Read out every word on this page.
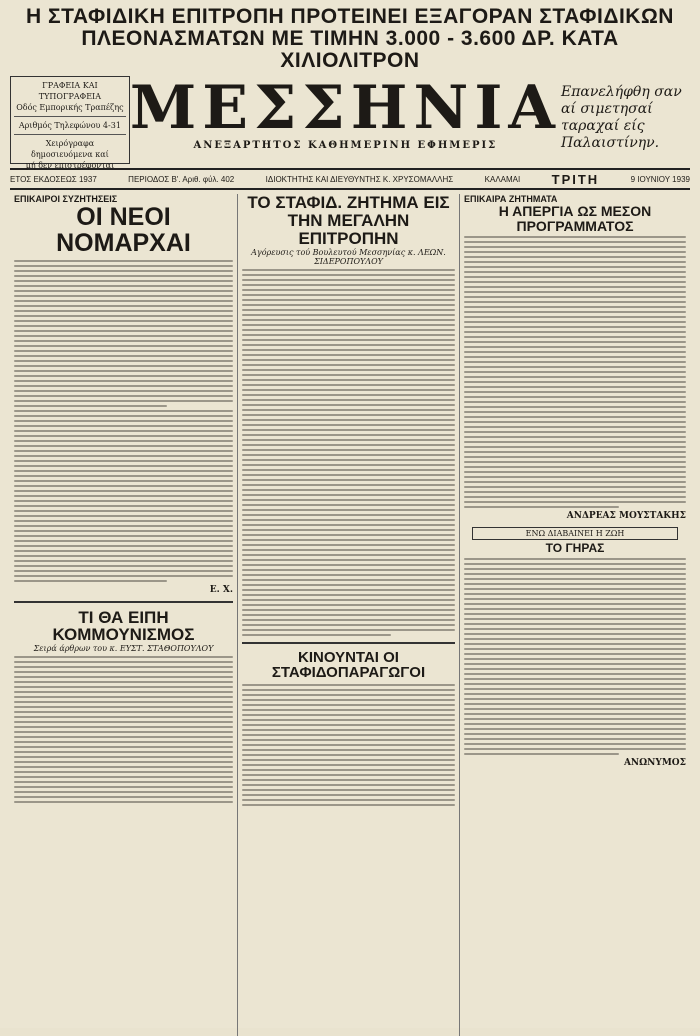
Η ΣΤΑΦΙΔΙΚΗ ΕΠΙΤΡΟΠΗ ΠΡΟΤΕΙΝΕΙ ΕΞΑΓΟΡΑΝ ΣΤΑΦΙΔΙΚΩΝ
ΠΛΕΟΝΑΣΜΑΤΩΝ ΜΕ ΤΙΜΗΝ 3.000 - 3.600 ΔΡ. ΚΑΤΑ ΧΙΛΙΟΛΙΤΡΟΝ
ΓΡΑΦΕΙΑ ΚΑΙ ΤΥΠΟΓΡΑΦΕΙΑ
Οδός Εμπορικής Τραπέζης
Αριθμός Τηλεφώνου 4-31
Χειρόγραφα δημοσιευόμενα καί
μή δεν επιστρέφονται
ΜΕΣΣΗΝΙΑ
ΑΝΕΞΑΡΤΗΤΟΣ ΚΑΘΗΜΕΡΙΝΗ ΕΦΗΜΕΡΙΣ
Επανελήφθη σαν αί σιμετησαί ταραχαί είς Παλαιστίνην.
ΕΤΟΣ ΕΚΔΟΣΕΩΣ 1937	ΠΕΡΙΟΔΟΣ Β'. Αριθ. φύλ. 402	ΙΔΙΟΚΤΗΤΗΣ ΚΑΙ ΔΙΕΥΘΥΝΤΗΣ Κ. ΧΡΥΣΟΜΑΛΛΗΣ	ΚΑΛΑΜΑΙ ΤΡΙΤΗ	9 ΙΟΥΝΙΟΥ 1939
ΕΠΙΚΑΙΡΟΙ ΣΥΖΗΤΗΣΕΙΣ
ΟΙ ΝΕΟΙ ΝΟΜΑΡΧΑΙ
Ε. Χ.
ΤΙ ΘΑ ΕΙΠΗ ΚΟΜΜΟΥΝΙΣΜΟΣ
Σειρά άρθρων του κ. ΕΥΣΤ. ΣΤΑΘΟΠΟΥΛΟΥ
ΤΟ ΣΤΑΦΙΔ. ΖΗΤΗΜΑ ΕΙΣ ΤΗΝ ΜΕΓΑΛΗΝ ΕΠΙΤΡΟΠΗΝ
Αγόρευσις τού Βουλευτού Μεσσηνίας κ. ΛΕΩΝ. ΣΙΔΕΡΟΠΟΥΛΟΥ
ΚΙΝΟΥΝΤΑΙ ΟΙ ΣΤΑΦΙΔΟΠΑΡΑΓΩΓΟΙ
ΕΠΙΚΑΙΡΑ ΖΗΤΗΜΑΤΑ
Η ΑΠΕΡΓΙΑ ΩΣ ΜΕΣΟΝ ΠΡΟΓΡΑΜΜΑΤΟΣ
ΑΝΔΡΕΑΣ ΜΟΥΣΤΑΚΗΣ
ΕΝΩ ΔΙΑΒΑΙΝΕΙ Η ΖΩΗ
ΤΟ ΓΗΡΑΣ
ΑΝΩΝΥΜΟΣ
